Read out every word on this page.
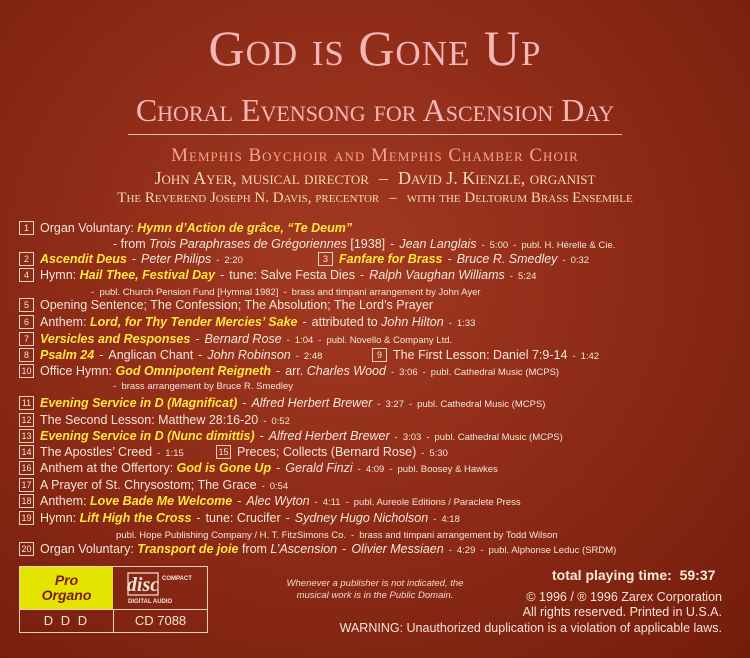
God is Gone Up
Choral Evensong for Ascension Day
Memphis Boychoir and Memphis Chamber Choir
John Ayer, musical director – David J. Kienzle, organist
The Reverend Joseph N. Davis, precentor – with the Deltorum Brass Ensemble
1 Organ Voluntary: Hymn d’Action de grâce, “Te Deum”
- from Trois Paraphrases de Grégoriennes [1938] - Jean Langlais - 5:00 - publ. H. Hérelle & Cie.
2 Ascendit Deus - Peter Philips - 2:20	3 Fanfare for Brass - Bruce R. Smedley - 0:32
4 Hymn: Hail Thee, Festival Day - tune: Salve Festa Dies - Ralph Vaughan Williams - 5:24
-  publ. Church Pension Fund [Hymnal 1982] - brass and timpani arrangement by John Ayer
5 Opening Sentence; The Confession; The Absolution; The Lord’s Prayer
6 Anthem: Lord, for Thy Tender Mercies’ Sake - attributed to John Hilton - 1:33
7 Versicles and Responses - Bernard Rose - 1:04 - publ. Novello & Company Ltd.
8 Psalm 24 - Anglican Chant - John Robinson - 2:48	9 The First Lesson: Daniel 7:9-14 - 1:42
10 Office Hymn: God Omnipotent Reigneth - arr. Charles Wood - 3:06 - publ. Cathedral Music (MCPS)
-  brass arrangement by Bruce R. Smedley
11 Evening Service in D (Magnificat) - Alfred Herbert Brewer - 3:27 - publ. Cathedral Music (MCPS)
12 The Second Lesson: Matthew 28:16-20 - 0:52
13 Evening Service in D (Nunc dimittis) - Alfred Herbert Brewer - 3:03 - publ. Cathedral Music (MCPS)
14 The Apostles’ Creed - 1:15	15 Preces; Collects (Bernard Rose) - 5:30
16 Anthem at the Offertory: God is Gone Up - Gerald Finzi - 4:09 - publ. Boosey & Hawkes
17 A Prayer of St. Chrysostom; The Grace - 0:54
18 Anthem: Love Bade Me Welcome - Alec Wyton - 4:11 - publ. Aureole Editions / Paraclete Press
19 Hymn: Lift High the Cross - tune: Crucifer - Sydney Hugo Nicholson - 4:18
publ. Hope Publishing Company / H. T. FitzSimons Co. - brass and timpani arrangement by Todd Wilson
20 Organ Voluntary: Transport de joie from L’Ascension - Olivier Messiaen - 4:29 - publ. Alphonse Leduc (SRDM)
Pro
Organo disc COMPACT
DIGITAL AUDIO
D D D	CD 7088
Whenever a publisher is not indicated, the musical work is in the Public Domain.
total playing time: 59:37
© 1996 / ® 1996 Zarex Corporation
All rights reserved. Printed in U.S.A.
WARNING: Unauthorized duplication is a violation of applicable laws.
